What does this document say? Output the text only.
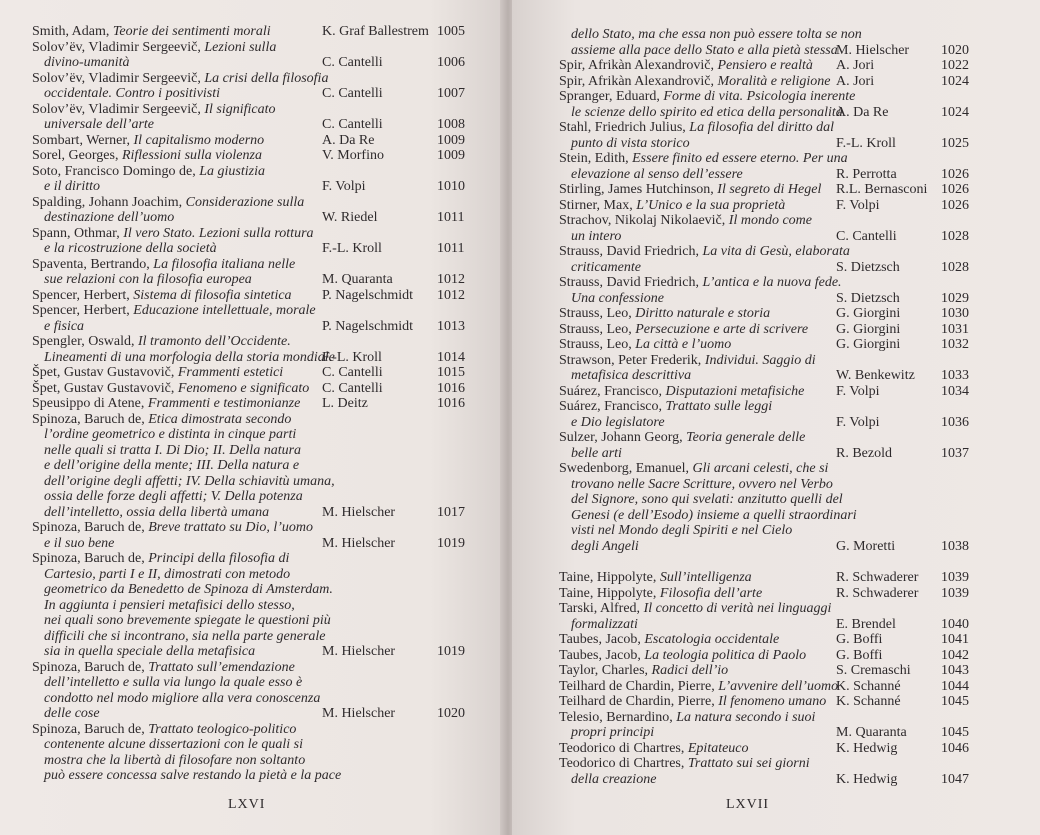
Smith, Adam, Teorie dei sentimenti morali	K. Graf Ballestrem 1005
Solov’ëv, Vladimir Sergeevič, Lezioni sulla
divino-umanità	C. Cantelli	1006
Solov’ëv, Vladimir Sergeevič, La crisi della filosofia
occidentale. Contro i positivisti	C. Cantelli	1007
Solov’ëv, Vladimir Sergeevič, Il significato
universale dell’arte	C. Cantelli	1008
Sombart, Werner, Il capitalismo moderno	A. Da Re	1009
Sorel, Georges, Riflessioni sulla violenza	V. Morfino	1009
Soto, Francisco Domingo de, La giustizia
e il diritto	F. Volpi	1010
Spalding, Johann Joachim, Considerazione sulla
destinazione dell’uomo	W. Riedel	1011
Spann, Othmar, Il vero Stato. Lezioni sulla rottura
e la ricostruzione della società	F.-L. Kroll	1011
Spaventa, Bertrando, La filosofia italiana nelle
sue relazioni con la filosofia europea	M. Quaranta	1012
Spencer, Herbert, Sistema di filosofia sintetica	P. Nagelschmidt 1012
Spencer, Herbert, Educazione intellettuale, morale
e fisica	P. Nagelschmidt 1013
Spengler, Oswald, Il tramonto dell’Occidente.
Lineamenti di una morfologia della storia mondiale
F.-L. Kroll	1014
Špet, Gustav Gustavovič, Frammenti estetici	C. Cantelli	1015
Špet, Gustav Gustavovič, Fenomeno e significato C. Cantelli	1016
Speusippo di Atene, Frammenti e testimonianze	L. Deitz	1016
Spinoza, Baruch de, Etica dimostrata secondo
l’ordine geometrico e distinta in cinque parti
nelle quali si tratta I. Di Dio; II. Della natura
e dell’origine della mente; III. Della natura e
dell’origine degli affetti; IV. Della schiavitù umana,
ossia delle forze degli affetti; V. Della potenza
dell’intelletto, ossia della libertà umana	M. Hielscher	1017
Spinoza, Baruch de, Breve trattato su Dio, l’uomo
e il suo bene	M. Hielscher	1019
Spinoza, Baruch de, Principi della filosofia di
Cartesio, parti I e II, dimostrati con metodo
geometrico da Benedetto de Spinoza di Amsterdam.
In aggiunta i pensieri metafisici dello stesso,
nei quali sono brevemente spiegate le questioni più
difficili che si incontrano, sia nella parte generale
sia in quella speciale della metafisica	M. Hielscher	1019
Spinoza, Baruch de, Trattato sull’emendazione
dell’intelletto e sulla via lungo la quale esso è
condotto nel modo migliore alla vera conoscenza
delle cose	M. Hielscher	1020
Spinoza, Baruch de, Trattato teologico-politico
contenente alcune dissertazioni con le quali si
mostra che la libertà di filosofare non soltanto
può essere concessa salve restando la pietà e la pace
LXVI
dello Stato, ma che essa non può essere tolta se non
assieme alla pace dello Stato e alla pietà stessa
M. Hielscher 1020
Spir, Afrikàn Alexandrovič, Pensiero e realtà	A. Jori	1022
Spir, Afrikàn Alexandrovič, Moralità e religione A. Jori	1024
Spranger, Eduard, Forme di vita. Psicologia inerente
le scienze dello spirito ed etica della personalità
A. Da Re	1024
Stahl, Friedrich Julius, La filosofia del diritto dal
punto di vista storico	F.-L. Kroll	1025
Stein, Edith, Essere finito ed essere eterno. Per una
elevazione al senso dell’essere	R. Perrotta	1026
Stirling, James Hutchinson, Il segreto di Hegel	R.L. Bernasconi 1026
Stirner, Max, L’Unico e la sua proprietà	F. Volpi	1026
Strachov, Nikolaj Nikolaevič, Il mondo come
un intero	C. Cantelli	1028
Strauss, David Friedrich, La vita di Gesù, elaborata
criticamente	S. Dietzsch	1028
Strauss, David Friedrich, L’antica e la nuova fede.
Una confessione	S. Dietzsch	1029
Strauss, Leo, Diritto naturale e storia	G. Giorgini	1030
Strauss, Leo, Persecuzione e arte di scrivere	G. Giorgini	1031
Strauss, Leo, La città e l’uomo	G. Giorgini	1032
Strawson, Peter Frederik, Individui. Saggio di
metafisica descrittiva	W. Benkewitz 1033
Suárez, Francisco, Disputazioni metafisiche	F. Volpi	1034
Suárez, Francisco, Trattato sulle leggi
e Dio legislatore	F. Volpi	1036
Sulzer, Johann Georg, Teoria generale delle
belle arti	R. Bezold	1037
Swedenborg, Emanuel, Gli arcani celesti, che si
trovano nelle Sacre Scritture, ovvero nel Verbo
del Signore, sono qui svelati: anzitutto quelli del
Genesi (e dell’Esodo) insieme a quelli straordinari
visti nel Mondo degli Spiriti e nel Cielo
degli Angeli	G. Moretti	1038
Taine, Hippolyte, Sull’intelligenza	R. Schwaderer 1039
Taine, Hippolyte, Filosofia dell’arte	R. Schwaderer 1039
Tarski, Alfred, Il concetto di verità nei linguaggi
formalizzati	E. Brendel	1040
Taubes, Jacob, Escatologia occidentale	G. Boffi	1041
Taubes, Jacob, La teologia politica di Paolo	G. Boffi	1042
Taylor, Charles, Radici dell’io	S. Cremaschi 1043
Teilhard de Chardin, Pierre, L’avvenire dell’uomo
K. Schanné	1044
Teilhard de Chardin, Pierre, Il fenomeno umano K. Schanné	1045
Telesio, Bernardino, La natura secondo i suoi
propri principi	M. Quaranta 1045
Teodorico di Chartres, Epitateuco	K. Hedwig	1046
Teodorico di Chartres, Trattato sui sei giorni
della creazione	K. Hedwig	1047
LXVII
